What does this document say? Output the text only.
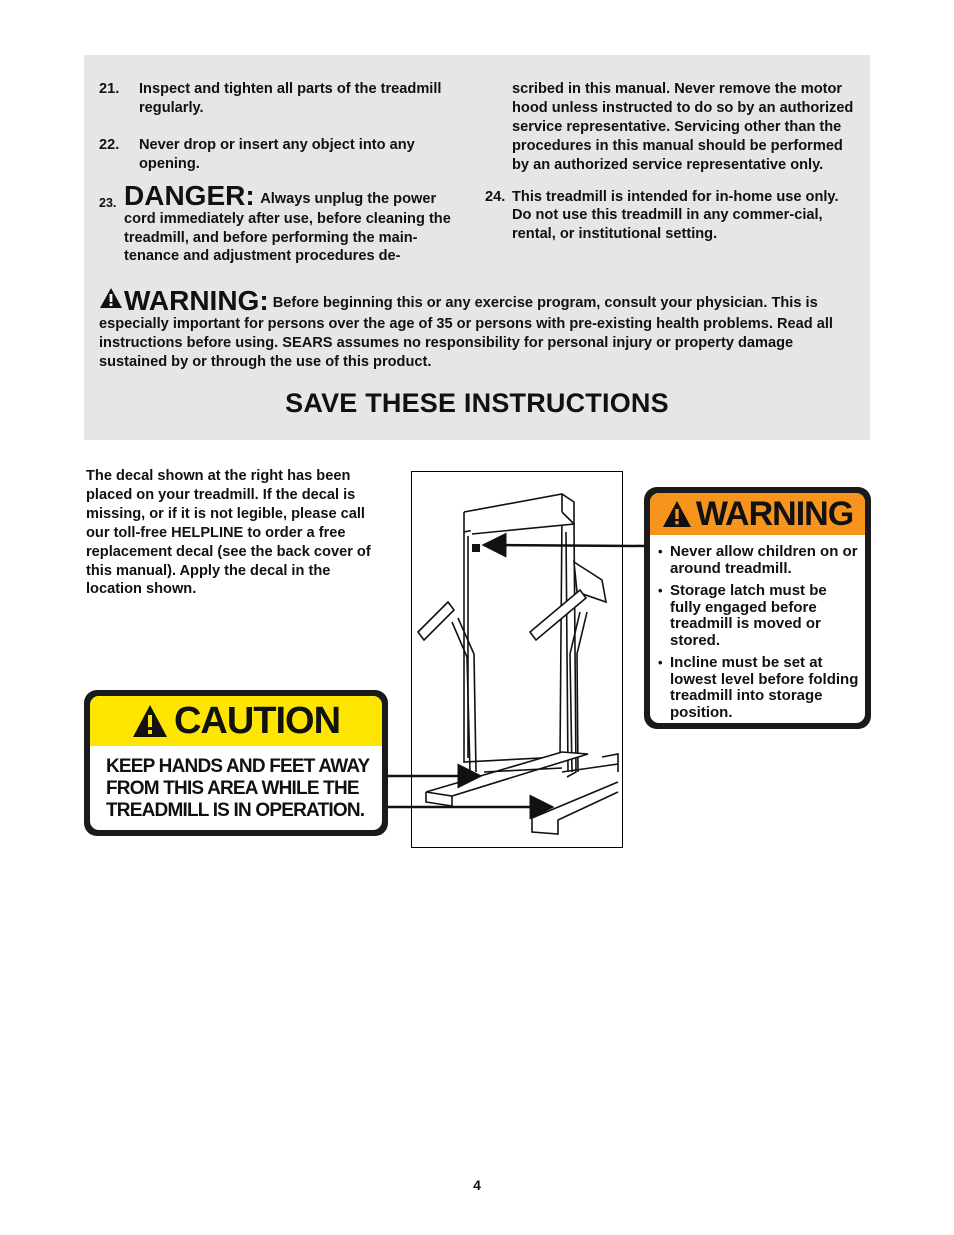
21. Inspect and tighten all parts of the treadmill regularly.

22. Never drop or insert any object into any opening.

23. DANGER: Always unplug the power cord immediately after use, before cleaning the treadmill, and before performing the main-tenance and adjustment procedures de-

scribed in this manual. Never remove the motor hood unless instructed to do so by an authorized service representative. Servicing other than the procedures in this manual should be performed by an authorized service representative only.

24. This treadmill is intended for in-home use only. Do not use this treadmill in any commer-cial, rental, or institutional setting.

WARNING: Before beginning this or any exercise program, consult your physician. This is especially important for persons over the age of 35 or persons with pre-existing health problems. Read all instructions before using. SEARS assumes no responsibility for personal injury or property damage sustained by or through the use of this product.
SAVE THESE INSTRUCTIONS
The decal shown at the right has been placed on your treadmill. If the decal is missing, or if it is not legible, please call our toll-free HELPLINE to order a free replacement decal (see the back cover of this manual). Apply the decal in the location shown.
CAUTION
KEEP HANDS AND FEET AWAY FROM THIS AREA WHILE THE TREADMILL IS IN OPERATION.
WARNING
• Never allow children on or around treadmill.
• Storage latch must be fully engaged before treadmill is moved or stored.
• Incline must be set at lowest level before folding treadmill into storage position.
4
